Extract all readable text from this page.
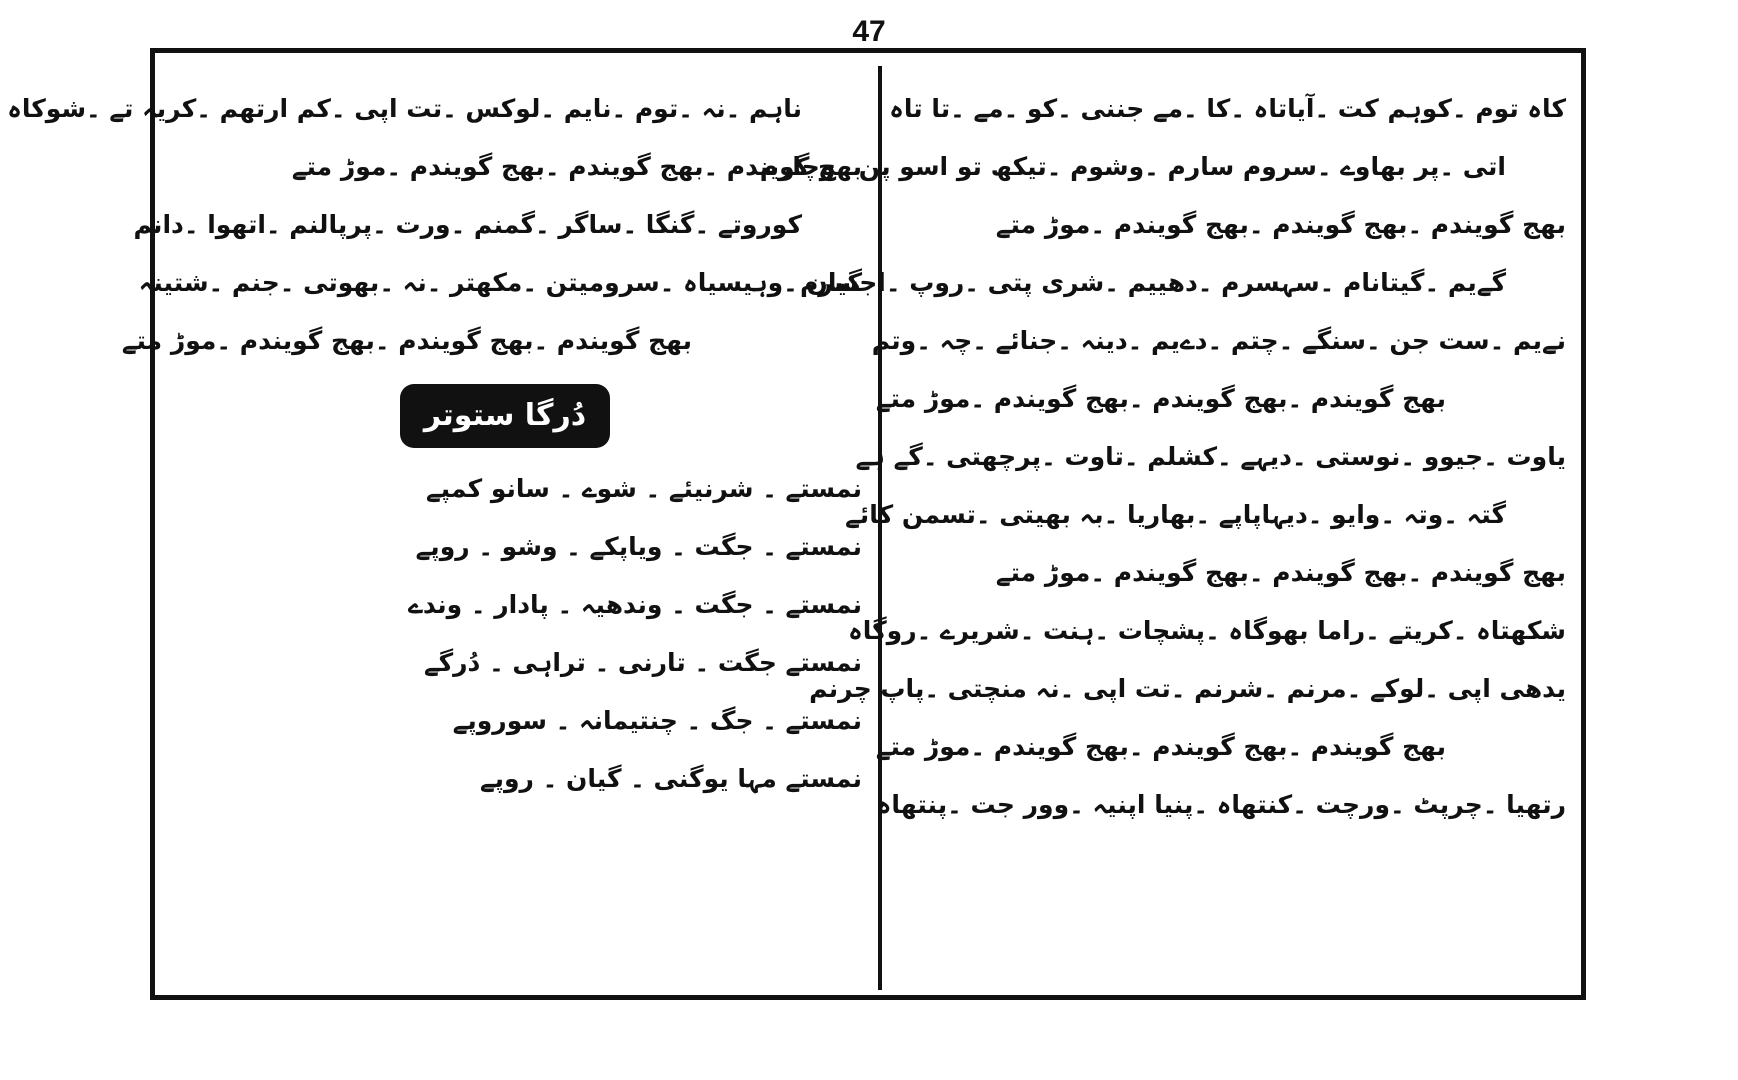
47
کاہ توم ۔کوہم کت ۔آیاتاہ ۔کا ۔مے جننی ۔کو ۔مے ۔تا تاہ
اتی ۔پر بھاوے ۔سروم سارم ۔وشوم ۔تیکھ تو اسو پن ۔وچارم
بھج گویندم ۔بھج گویندم ۔بھج گویندم ۔موڑ متے
گےیم ۔گیتانام ۔سہسرم ۔دھییم ۔شری پتی ۔روپ ۔اجسرم
نےیم ۔ست جن ۔سنگے ۔چتم ۔دےیم ۔دینہ ۔جنائے ۔چہ ۔وتم
بھج گویندم ۔بھج گویندم ۔بھج گویندم ۔موڑ متے
یاوت ۔جیوو ۔نوستی ۔دیہے ۔کشلم ۔تاوت ۔پرچھتی ۔گے ہے
گتہ ۔وتہ ۔وایو ۔دیہاپاپے ۔بھاریا ۔بہ بھیتی ۔تسمن کائے
بھج گویندم ۔بھج گویندم ۔بھج گویندم ۔موڑ متے
شکھتاہ ۔کریتے ۔راما بھوگاہ ۔پشچات ۔ہنت ۔شریرے ۔روگاہ
یدھی اپی ۔لوکے ۔مرنم ۔شرنم ۔تت اپی ۔نہ منچتی ۔پاپ چرنم
بھج گویندم ۔بھج گویندم ۔بھج گویندم ۔موڑ متے
رتھیا ۔چرپٹ ۔ورچت ۔کنتھاہ ۔پنیا اپنیہ ۔وور جت ۔پنتھاہ
ناہم ۔نہ ۔توم ۔نایم ۔لوکس ۔تت اپی ۔کم ارتھم ۔کریہ تے ۔شوکاہ
بھج گویندم ۔بھج گویندم ۔بھج گویندم ۔موڑ متے
کوروتے ۔گنگا ۔ساگر ۔گمنم ۔ورت ۔پرپالنم ۔اتھوا ۔دانم
گیان ۔وہیسیاہ ۔سرومیتن ۔مکھتر ۔نہ ۔بھوتی ۔جنم ۔شتینہ
بھج گویندم ۔بھج گویندم ۔بھج گویندم ۔موڑ متے
دُرگا ستوتر
نمستے ۔ شرنیئے ۔ شوے ۔ سانو کمپے
نمستے ۔ جگت ۔ ویاپکے ۔ وشو ۔ روپے
نمستے ۔ جگت ۔ وندھیہ ۔ پادار ۔ وندے
نمستے جگت ۔ تارنی ۔ تراہی ۔ دُرگے
نمستے ۔ جگ ۔ چنتیمانہ ۔ سوروپے
نمستے مہا یوگنی ۔ گیان ۔ روپے
